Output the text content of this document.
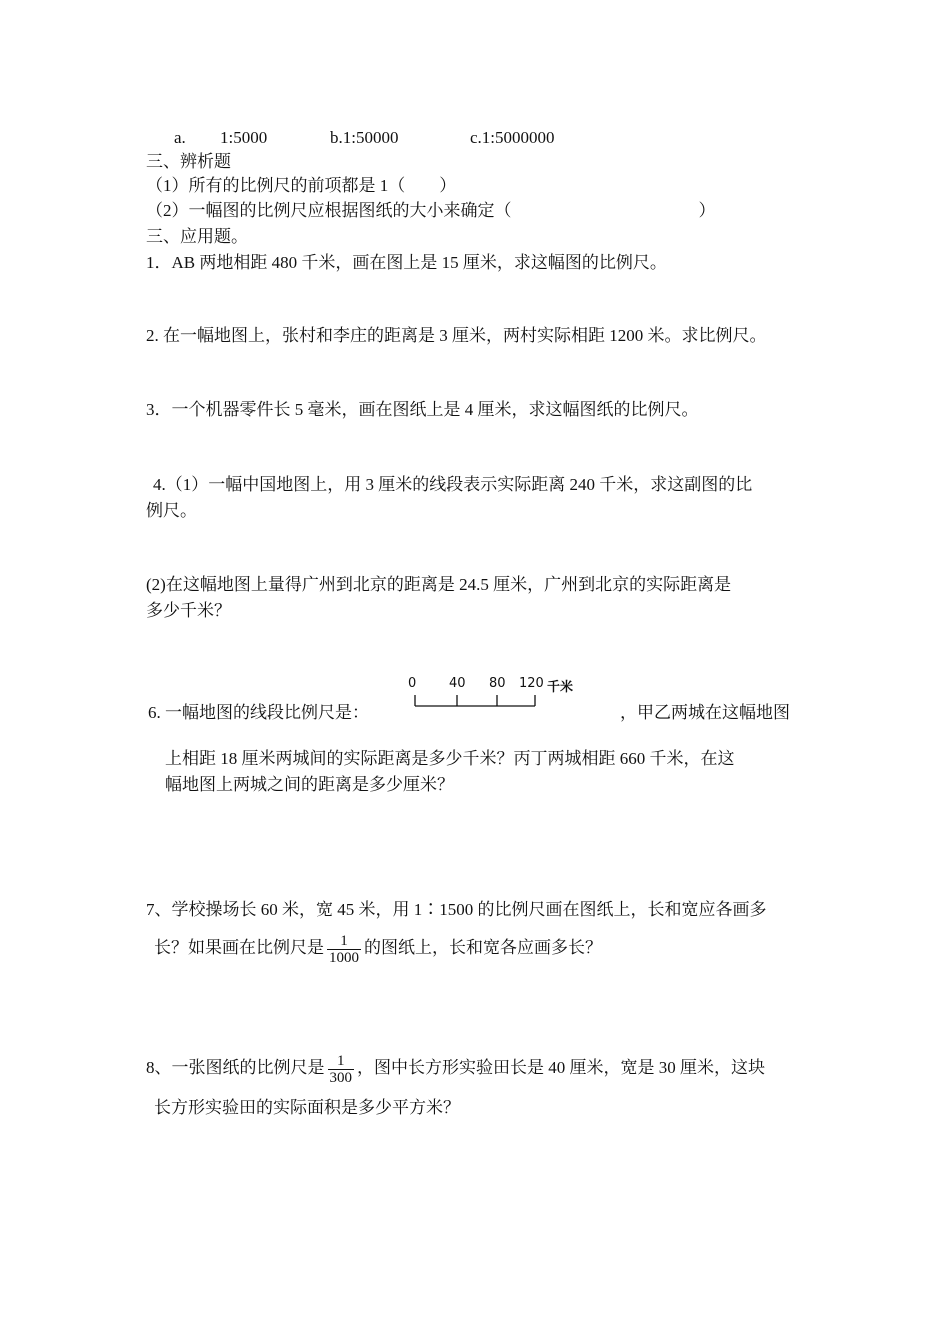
a. 1:5000	b.1:50000	c.1:5000000
三、辨析题
（1）所有的比例尺的前项都是 1（　　）
（2）一幅图的比例尺应根据图纸的大小来确定（　　　　　　　　　　　）
三、应用题。
1．AB 两地相距 480 千米，画在图上是 15 厘米，求这幅图的比例尺。
2. 在一幅地图上，张村和李庄的距离是 3 厘米，两村实际相距 1200 米。求比例尺。
3．一个机器零件长 5 毫米，画在图纸上是 4 厘米，求这幅图纸的比例尺。
4.（1）一幅中国地图上，用 3 厘米的线段表示实际距离 240 千米，求这副图的比
例尺。
(2)在这幅地图上量得广州到北京的距离是 24.5 厘米，广州到北京的实际距离是
多少千米？
6. 一幅地图的线段比例尺是：
0	40 80 120 千米
，甲乙两城在这幅地图
上相距 18 厘米两城间的实际距离是多少千米？丙丁两城相距 660 千米，在这
幅地图上两城之间的距离是多少厘米？
7、学校操场长 60 米，宽 45 米，用 1∶1500 的比例尺画在图纸上，长和宽应各画多
长？如果画在比例尺是 $\frac{1}{1000}$ 的图纸上，长和宽各应画多长？
8、一张图纸的比例尺是 $\frac{1}{300}$ ，图中长方形实验田长是 40 厘米，宽是 30 厘米，这块
长方形实验田的实际面积是多少平方米？
